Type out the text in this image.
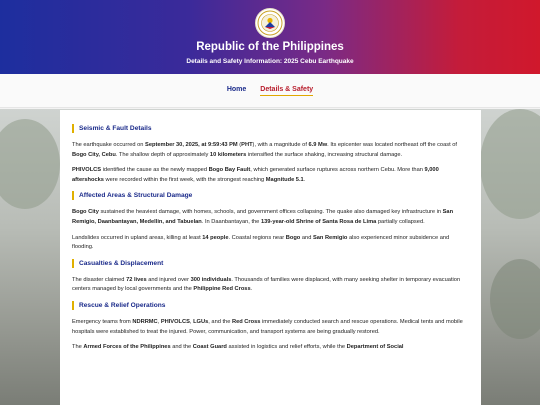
Republic of the Philippines
Details and Safety Information: 2025 Cebu Earthquake
Home Details & Safety
Seismic & Fault Details

The earthquake occurred on September 30, 2025, at 9:59:43 PM (PHT), with a magnitude of 6.9 Mw. Its epicenter was located northeast off the coast of Bogo City, Cebu. The shallow depth of approximately 10 kilometers intensified the surface shaking, increasing structural damage.

PHIVOLCS identified the cause as the newly mapped Bogo Bay Fault, which generated surface ruptures across northern Cebu. More than 9,000 aftershocks were recorded within the first week, with the strongest reaching Magnitude 5.1.

Affected Areas & Structural Damage

Bogo City sustained the heaviest damage, with homes, schools, and government offices collapsing. The quake also damaged key infrastructure in San Remigio, Daanbantayan, Medellin, and Tabuelan. In Daanbantayan, the 139-year-old Shrine of Santa Rosa de Lima partially collapsed.

Landslides occurred in upland areas, killing at least 14 people. Coastal regions near Bogo and San Remigio also experienced minor subsidence and flooding.

Casualties & Displacement

The disaster claimed 72 lives and injured over 300 individuals. Thousands of families were displaced, with many seeking shelter in temporary evacuation centers managed by local governments and the Philippine Red Cross.

Rescue & Relief Operations

Emergency teams from NDRRMC, PHIVOLCS, LGUs, and the Red Cross immediately conducted search and rescue operations. Medical tents and mobile hospitals were established to treat the injured. Power, communication, and transport systems are being gradually restored.

The Armed Forces of the Philippines and the Coast Guard assisted in logistics and relief efforts, while the Department of Social
